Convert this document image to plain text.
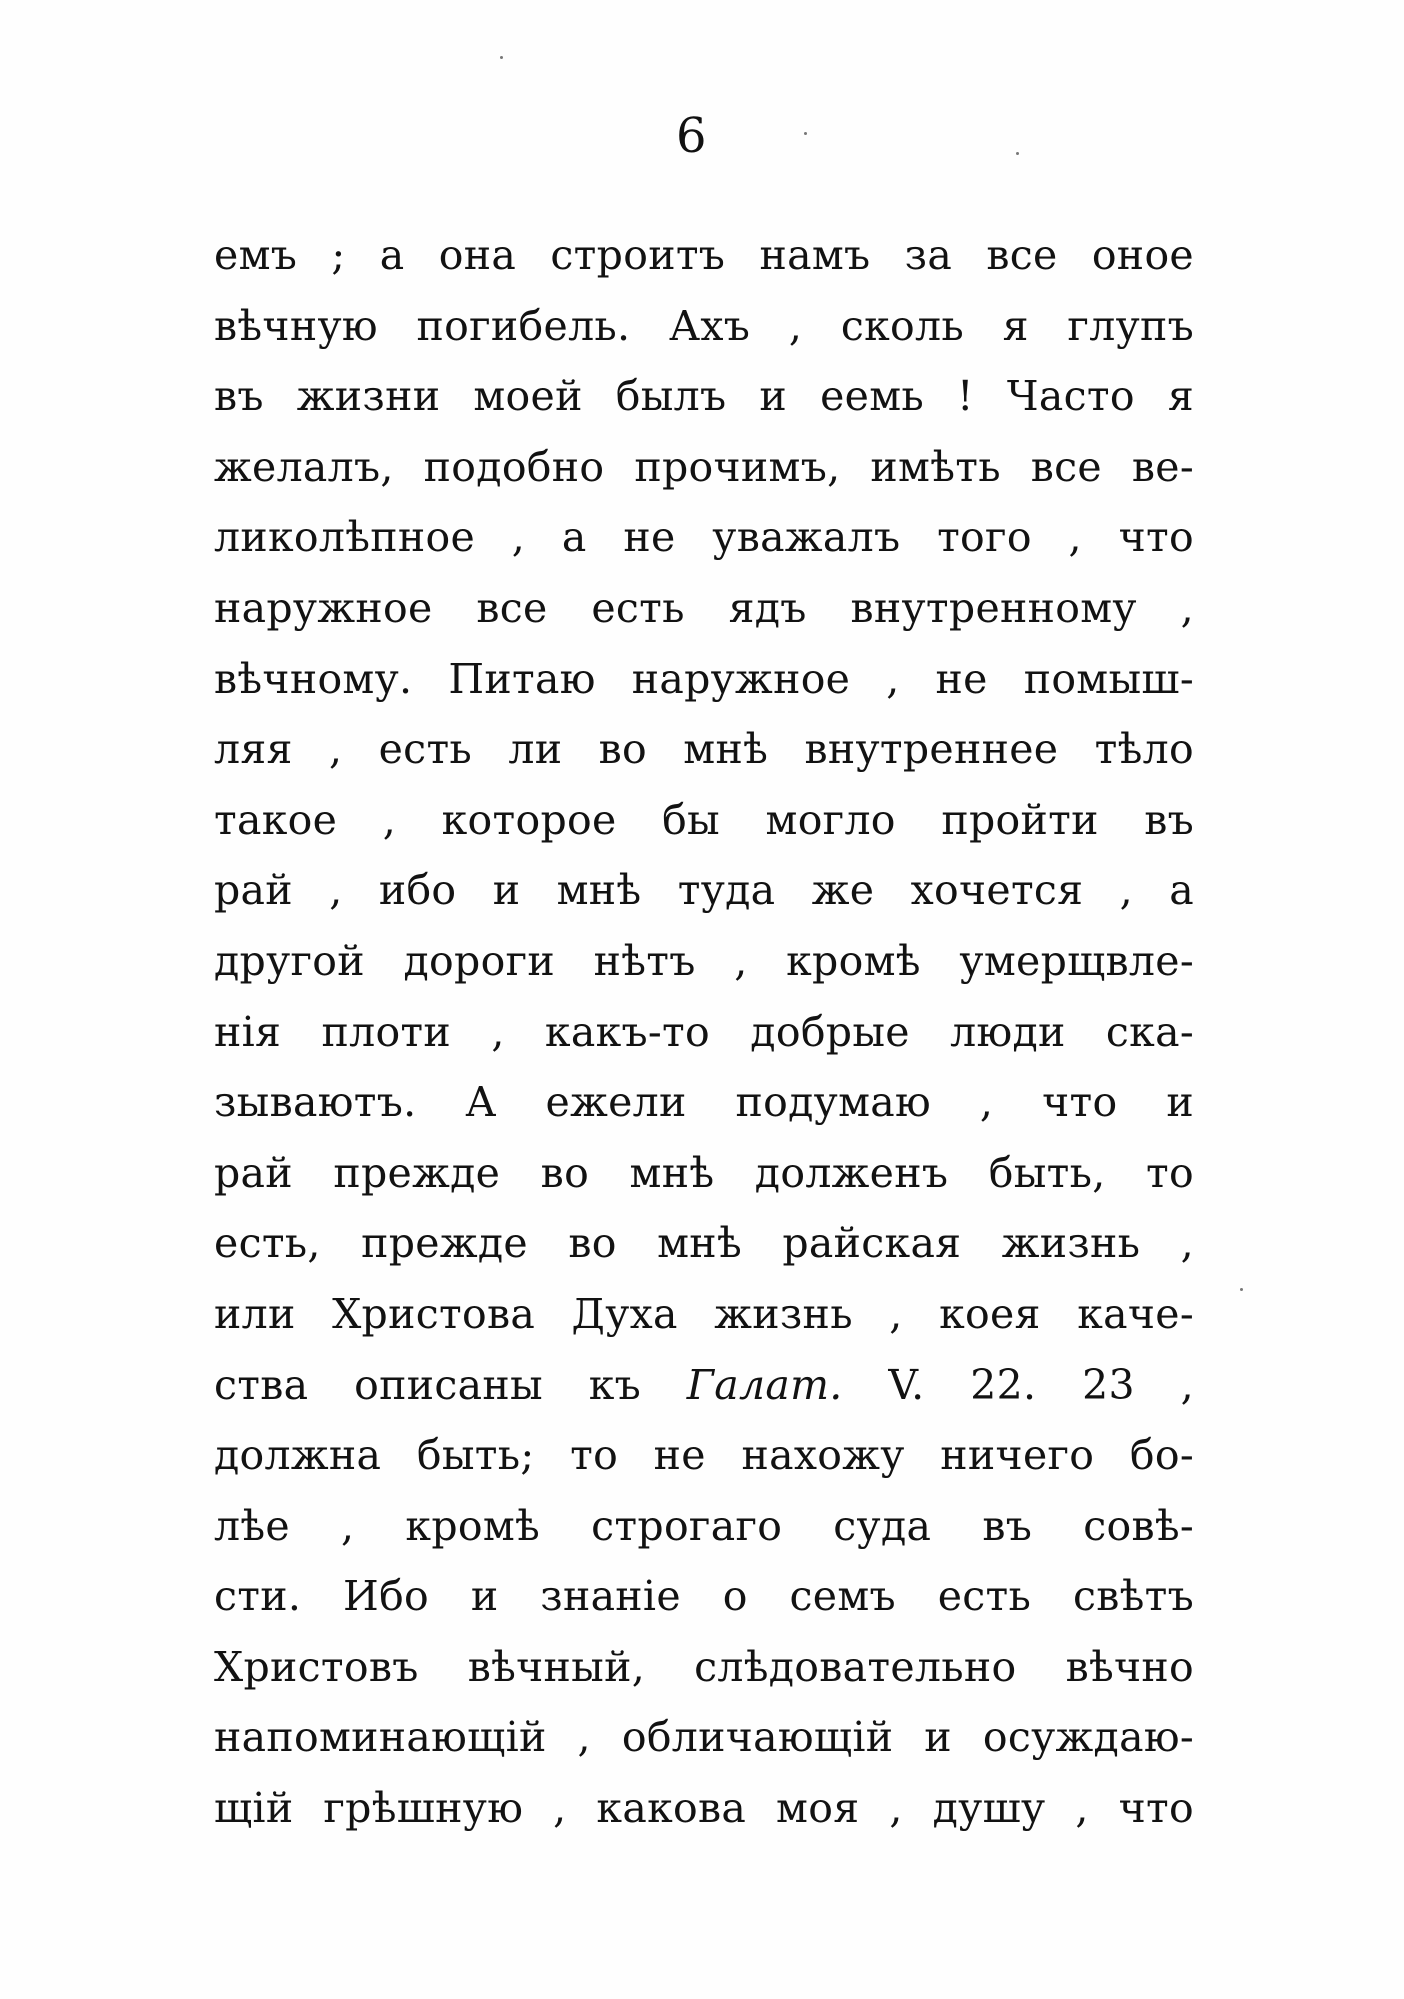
6
емъ ; а она строитъ намъ за все оное
вѣчную погибель. Ахъ , сколь я глупъ
въ жизни моей былъ и еемь ! Часто я
желалъ, подобно прочимъ, имѣть все ве-
ликолѣпное , а не уважалъ того , что
наружное все есть ядъ внутренному ,
вѣчному. Питаю наружное , не помыш-
ляя , есть ли во мнѣ внутреннее тѣло
такое , которое бы могло пройти въ
рай , ибо и мнѣ туда же хочется , а
другой дороги нѣтъ , кромѣ умерщвле-
нія плоти , какъ-то добрые люди ска-
зываютъ. А ежели подумаю , что и
рай прежде во мнѣ долженъ быть, то
есть, прежде во мнѣ райская жизнь ,
или Христова Духа жизнь , коея каче-
ства описаны къ Галат. V. 22. 23 ,
должна быть; то не нахожу ничего бо-
лѣе , кромѣ строгаго суда въ совѣ-
сти. Ибо и знаніе о семъ есть свѣтъ
Христовъ вѣчный, слѣдовательно вѣчно
напоминающій , обличающій и осуждаю-
щій грѣшную , какова моя , душу , что
